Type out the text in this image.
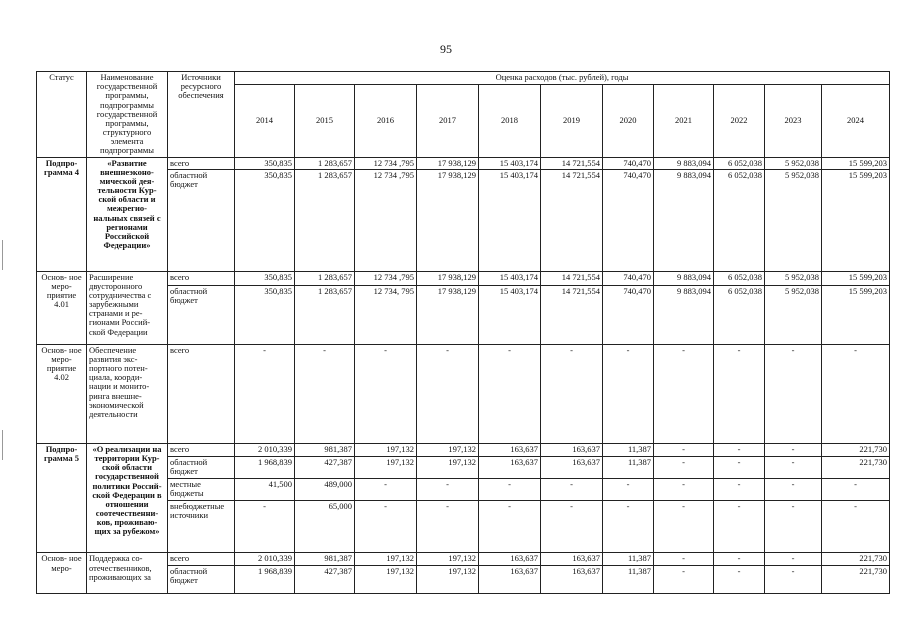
95
Статус	Наименование государственной программы, подпрограммы государственной программы, структурного элемента подпрограммы	Источники ресурсного обеспечения	Оценка расходов (тыс. рублей), годы										
			2014	2015	2016	2017	2018	2019	2020	2021	2022	2023	2024
Подпро- грамма 4	«Развитие внешнеэконо- мической дея- тельности Кур- ской области и межрегио- нальных связей с регионами Российской Федерации»	всего	350,835	1 283,657	12 734 ,795	17 938,129	15 403,174	14 721,554	740,470	9 883,094	6 052,038	5 952,038	15 599,203
		областной бюджет	350,835	1 283,657	12 734 ,795	17 938,129	15 403,174	14 721,554	740,470	9 883,094	6 052,038	5 952,038	15 599,203
Основ- ное меро- приятие 4.01	Расширение двусторонного сотрудничества с зарубежными странами и ре- гионами Россий- ской Федерации	всего	350,835	1 283,657	12 734 ,795	17 938,129	15 403,174	14 721,554	740,470	9 883,094	6 052,038	5 952,038	15 599,203
		областной бюджет	350,835	1 283,657	12 734, 795	17 938,129	15 403,174	14 721,554	740,470	9 883,094	6 052,038	5 952,038	15 599,203
Основ- ное меро- приятие 4.02	Обеспечение развития экс- портного потен- циала, коорди- нации и монито- ринга внешне- экономической деятельности	всего	-	-	-	-	-	-	-	-	-	-	-
Подпро- грамма 5	«О реализации на территории Кур- ской области государственной политики Россий- ской Федерации в отношении соотечественни- ков, проживаю- щих за рубежом»	всего	2 010,339	981,387	197,132	197,132	163,637	163,637	11,387	-	-	-	221,730
		областной бюджет	1 968,839	427,387	197,132	197,132	163,637	163,637	11,387	-	-	-	221,730
		местные бюджеты	41,500	489,000	-	-	-	-	-	-	-	-	-
		внебюджетные источники	-	65,000	-	-	-	-	-	-	-	-	-
Основ- ное меро-	Поддержка со- отечественников, проживающих за	всего	2 010,339	981,387	197,132	197,132	163,637	163,637	11,387	-	-	-	221,730
		областной бюджет	1 968,839	427,387	197,132	197,132	163,637	163,637	11,387	-	-	-	221,730
